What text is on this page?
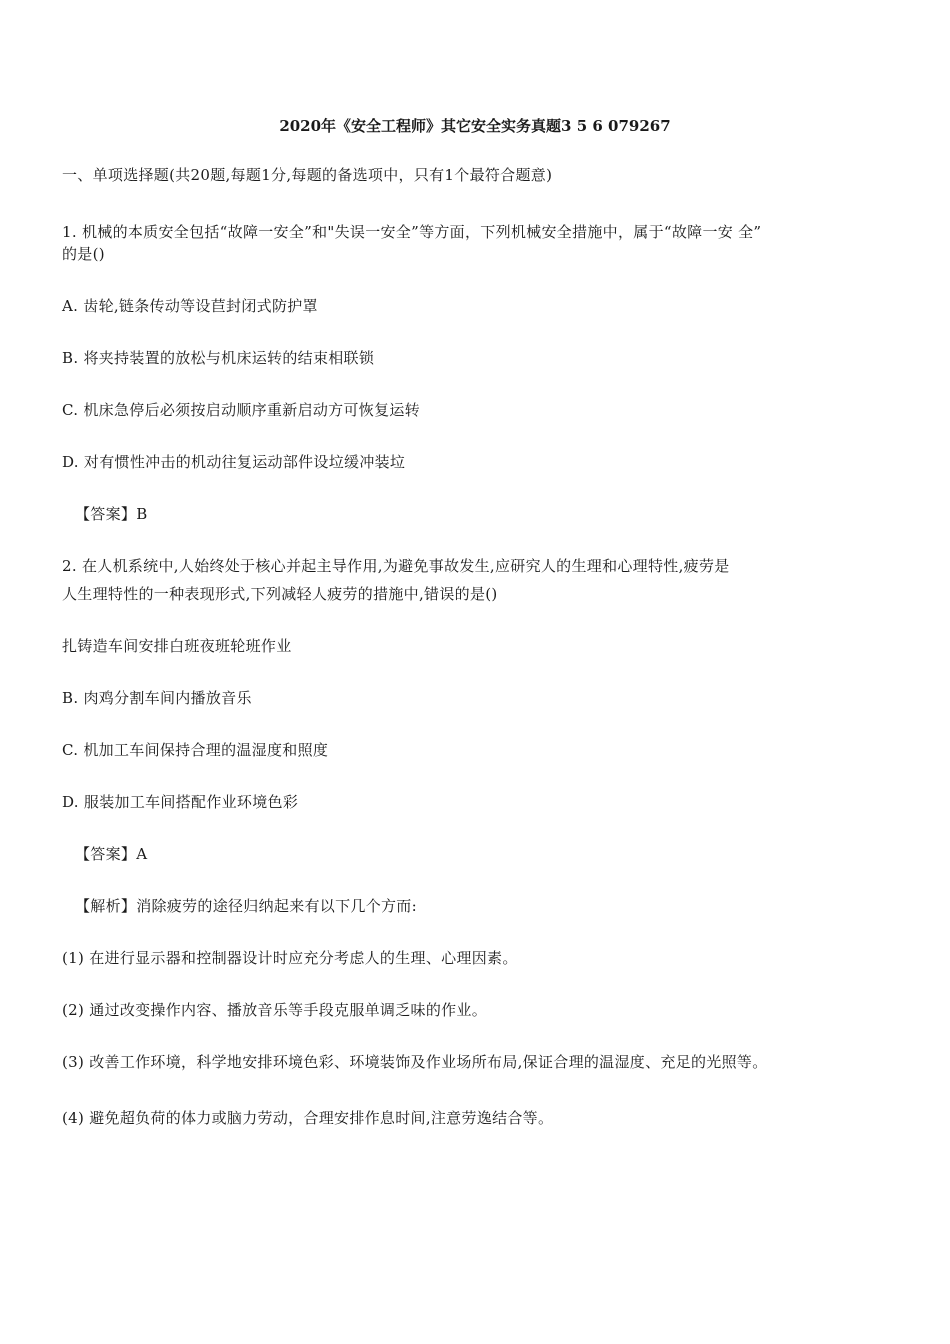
2020年《安全工程师》其它安全实务真题3 5 6 079267
一、单项选择题(共20题,每题1分,每题的备选项中，只有1个最符合题意)
1. 机械的本质安全包括“故障一安全”和"失误一安全”等方面，下列机械安全措施中，属于“故障一安 全”
的是()
A. 齿轮,链条传动等设苣封闭式防护罩
B. 将夹持装置的放松与机床运转的结束相联锁
C. 机床急停后必须按启动顺序重新启动方可恢复运转
D. 对有惯性冲击的机动往复运动部件设垃缓冲装垃
【答案】B
2. 在人机系统中,人始终处于核心并起主导作用,为避免事故发生,应研究人的生理和心理特性,疲劳是
人生理特性的一种表现形式,下列减轻人疲劳的措施中,错误的是()
扎铸造车间安排白班夜班轮班作业
B. 肉鸡分割车间内播放音乐
C. 机加工车间保持合理的温湿度和照度
D. 服装加工车间搭配作业环境色彩
【答案】A
【解析】消除疲劳的途径归纳起来有以下几个方而:
(1) 在进行显示器和控制器设计时应充分考虑人的生理、心理因素。
(2) 通过改变操作内容、播放音乐等手段克服单调乏味的作业。
(3) 改善工作环境，科学地安排环境色彩、环境装饰及作业场所布局,保证合理的温湿度、充足的光照等。
(4) 避免超负荷的体力或脑力劳动，合理安排作息时间,注意劳逸结合等。
